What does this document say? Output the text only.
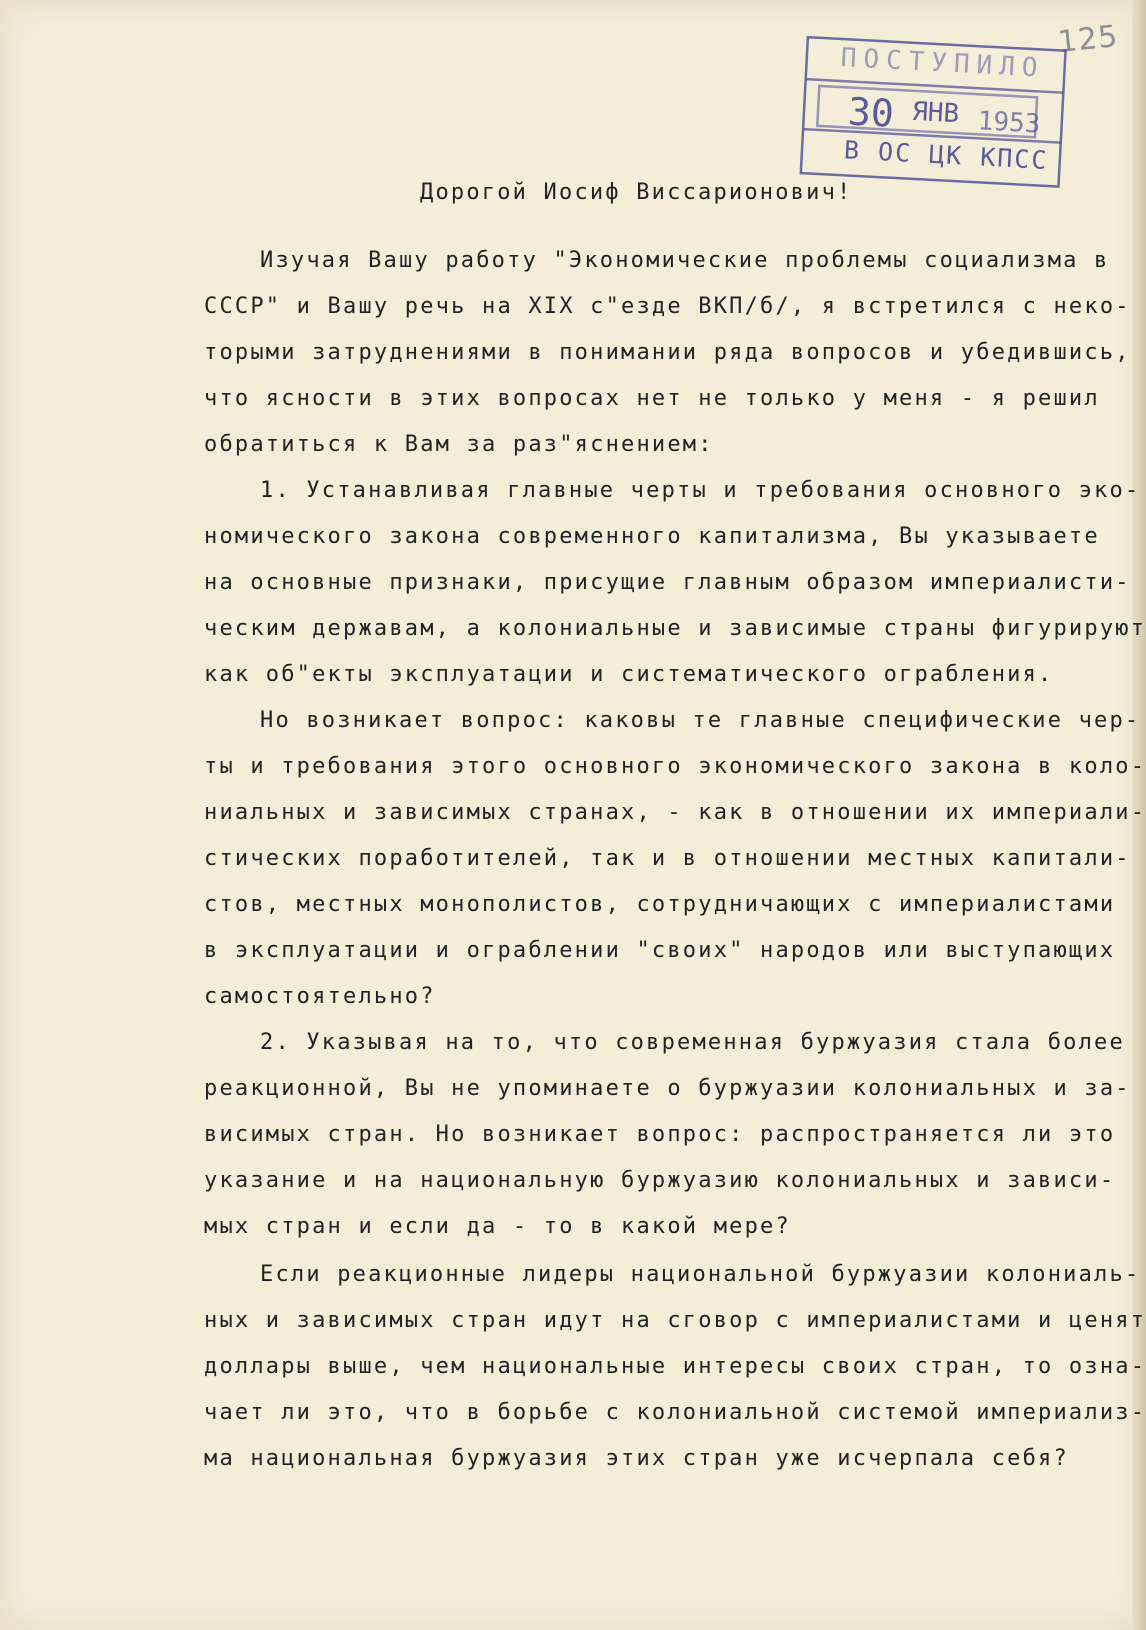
125
ПОСТУПИЛО
30 ЯНВ 1953
В ОС ЦК КПСС
Дорогой Иосиф Виссарионович!
Изучая Вашу работу "Экономические проблемы социализма в
СССР" и Вашу речь на XIX с"езде ВКП/б/, я встретился с неко-
торыми затруднениями в понимании ряда вопросов и убедившись,
что ясности в этих вопросах нет не только у меня - я решил
обратиться к Вам за раз"яснением:
1. Устанавливая главные черты и требования основного эко-
номического закона современного капитализма, Вы указываете
на основные признаки, присущие главным образом империалисти-
ческим державам, а колониальные и зависимые страны фигурируют
как об"екты эксплуатации и систематического ограбления.
Но возникает вопрос: каковы те главные специфические чер-
ты и требования этого основного экономического закона в коло-
ниальных и зависимых странах, - как в отношении их империали-
стических поработителей, так и в отношении местных капитали-
стов, местных монополистов, сотрудничающих с империалистами
в эксплуатации и ограблении "своих" народов или выступающих
самостоятельно?
2. Указывая на то, что современная буржуазия стала более
реакционной, Вы не упоминаете о буржуазии колониальных и за-
висимых стран. Но возникает вопрос: распространяется ли это
указание и на национальную буржуазию колониальных и зависи-
мых стран и если да - то в какой мере?
Если реакционные лидеры национальной буржуазии колониаль-
ных и зависимых стран идут на сговор с империалистами и ценят
доллары выше, чем национальные интересы своих стран, то озна-
чает ли это, что в борьбе с колониальной системой империализ-
ма национальная буржуазия этих стран уже исчерпала себя?
